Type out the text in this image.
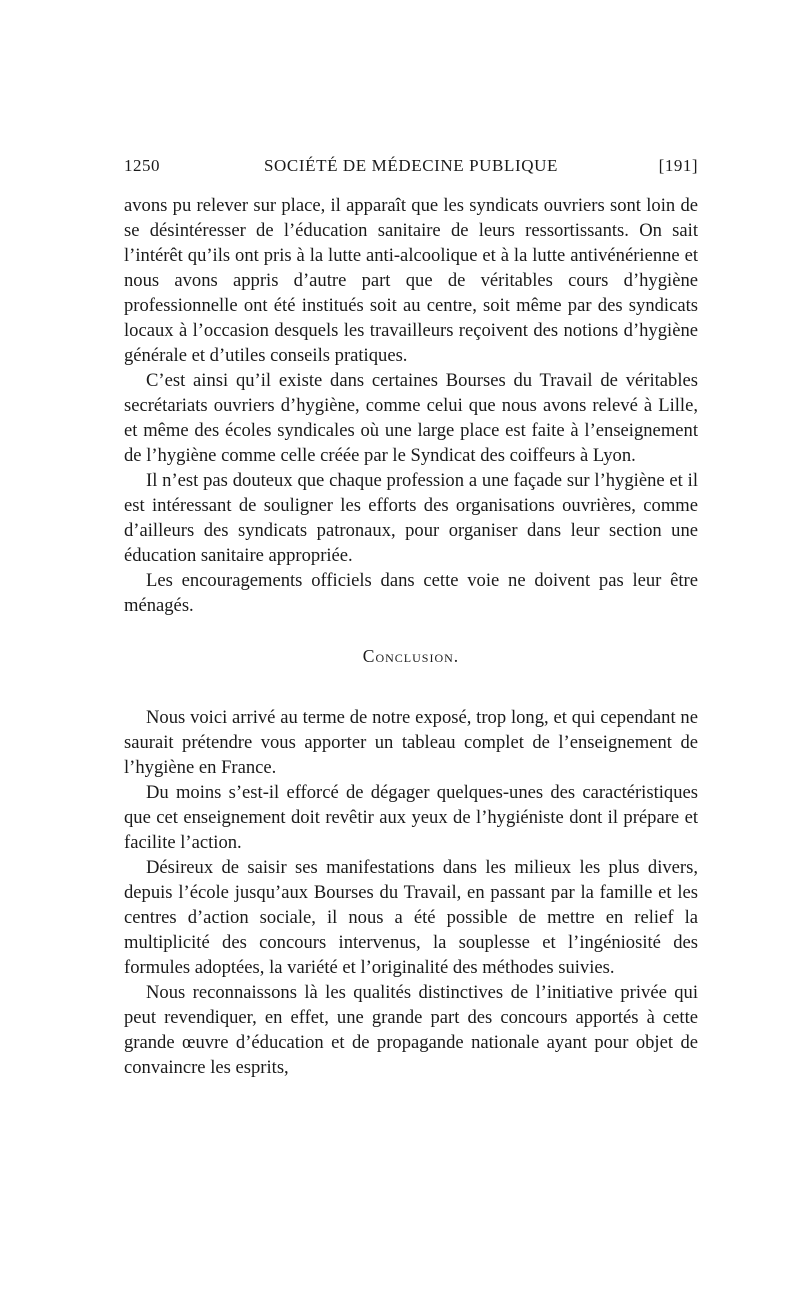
1250	SOCIÉTÉ DE MÉDECINE PUBLIQUE	[191]

avons pu relever sur place, il apparaît que les syndicats ouvriers sont loin de se désintéresser de l’éducation sanitaire de leurs ressortissants. On sait l’intérêt qu’ils ont pris à la lutte anti-alcoolique et à la lutte antivénérienne et nous avons appris d’autre part que de véritables cours d’hygiène professionnelle ont été institués soit au centre, soit même par des syndicats locaux à l’occasion desquels les travailleurs reçoivent des notions d’hygiène générale et d’utiles conseils pratiques.

C’est ainsi qu’il existe dans certaines Bourses du Travail de véritables secrétariats ouvriers d’hygiène, comme celui que nous avons relevé à Lille, et même des écoles syndicales où une large place est faite à l’enseignement de l’hygiène comme celle créée par le Syndicat des coiffeurs à Lyon.

Il n’est pas douteux que chaque profession a une façade sur l’hygiène et il est intéressant de souligner les efforts des organisations ouvrières, comme d’ailleurs des syndicats patronaux, pour organiser dans leur section une éducation sanitaire appropriée.

Les encouragements officiels dans cette voie ne doivent pas leur être ménagés.

Conclusion.

Nous voici arrivé au terme de notre exposé, trop long, et qui cependant ne saurait prétendre vous apporter un tableau complet de l’enseignement de l’hygiène en France.

Du moins s’est-il efforcé de dégager quelques-unes des caractéristiques que cet enseignement doit revêtir aux yeux de l’hygiéniste dont il prépare et facilite l’action.

Désireux de saisir ses manifestations dans les milieux les plus divers, depuis l’école jusqu’aux Bourses du Travail, en passant par la famille et les centres d’action sociale, il nous a été possible de mettre en relief la multiplicité des concours intervenus, la souplesse et l’ingéniosité des formules adoptées, la variété et l’originalité des méthodes suivies.

Nous reconnaissons là les qualités distinctives de l’initiative privée qui peut revendiquer, en effet, une grande part des concours apportés à cette grande œuvre d’éducation et de propagande nationale ayant pour objet de convaincre les esprits,
